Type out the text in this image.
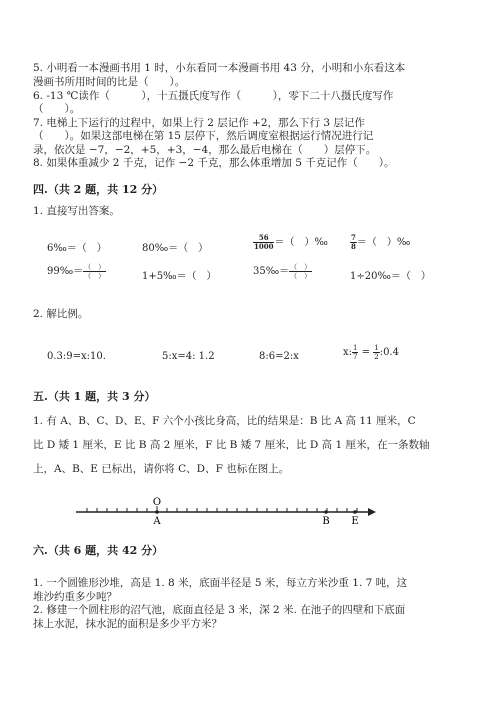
5. 小明看一本漫画书用 1 时，小东看同一本漫画书用 43 分，小明和小东看这本
漫画书所用时间的比是（　　）。
6. -13 ℃读作（　　　），十五摄氏度写作（　　　），零下二十八摄氏度写作
（　　）。
7. 电梯上下运行的过程中，如果上行 2 层记作 +2，那么下行 3 层记作
（　　）。如果这部电梯在第 15 层停下，然后调度室根据运行情况进行记
录，依次是 −7，−2，+5，+3，−4，那么最后电梯在（　　）层停下。
8. 如果体重减少 2 千克，记作 −2 千克，那么体重增加 5 千克记作（　　）。
四.（共 2 题，共 12 分）
1. 直接写出答案。
6‰＝（　）	80‰＝（　）	$\frac{56}{1000}$ ＝（　）‰	$\frac{7}{8}$ ＝（　）‰
99‰＝ $\frac{( )}{( )}$	1+5‰＝（　）	35‰＝ $\frac{( )}{( )}$	1÷20‰＝（　）
2. 解比例。
0.3:9=x:10.	5:x=4: 1.2	8:6=2:x	x: $\frac{1}{7} = \frac{1}{2}$ :0.4
五.（共 1 题，共 3 分）
1. 有 A、B、C、D、E、F 六个小孩比身高，比的结果是：B 比 A 高 11 厘米，C
比 D 矮 1 厘米，E 比 B 高 2 厘米，F 比 B 矮 7 厘米，比 D 高 1 厘米，在一条数轴
上，A、B、E 已标出，请你将 C、D、F 也标在图上。
O
A	B E
六.（共 6 题，共 42 分）
1. 一个圆锥形沙堆，高是 1. 8 米，底面半径是 5 米，每立方米沙重 1. 7 吨，这
堆沙约重多少吨？
2. 修建一个圆柱形的沼气池，底面直径是 3 米，深 2 米. 在池子的四壁和下底面
抹上水泥，抹水泥的面积是多少平方米？
